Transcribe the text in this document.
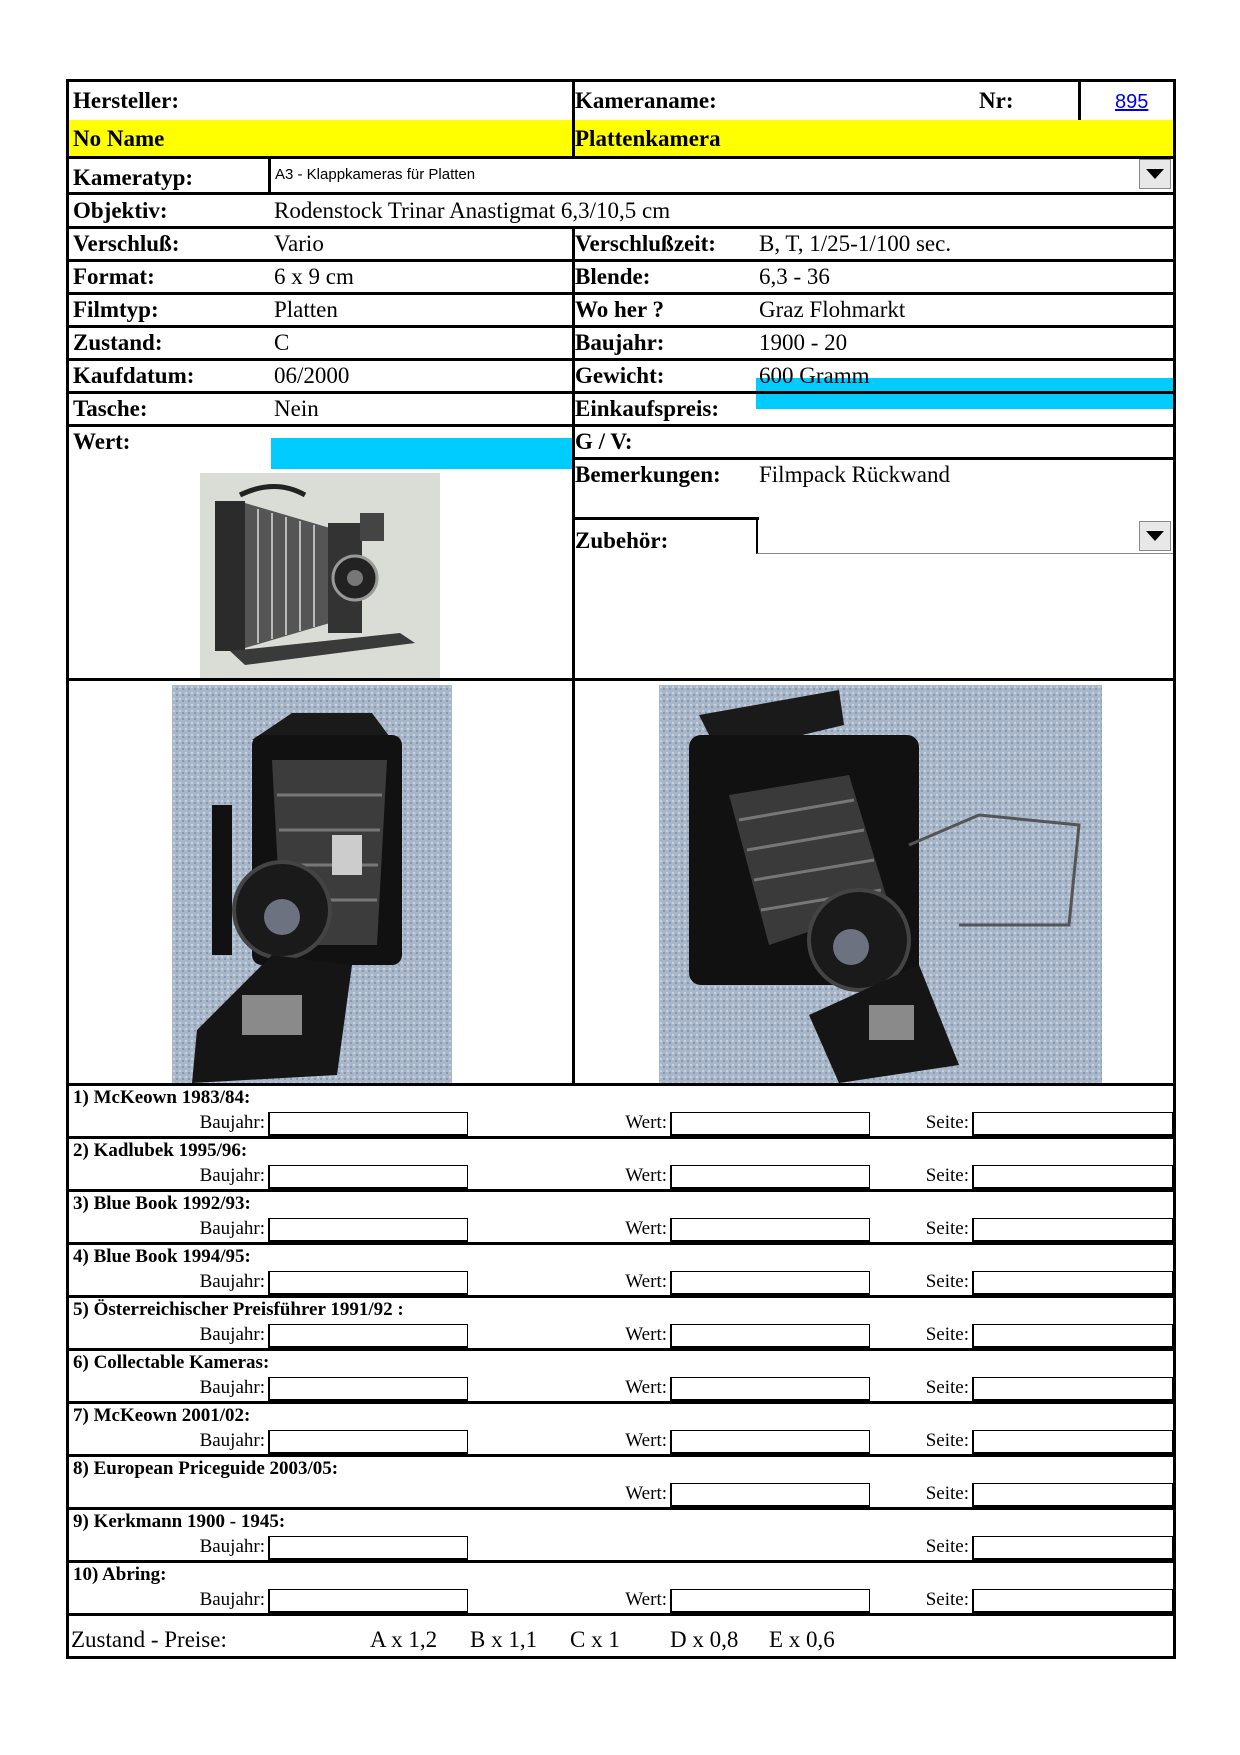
Hersteller:	Kameraname:	Nr:	895
No Name	Plattenkamera
Kameratyp:	A3 - Klappkameras für Platten
Objektiv:	Rodenstock Trinar Anastigmat 6,3/10,5 cm
Verschluß:	Vario	Verschlußzeit: B, T, 1/25-1/100 sec.
Format:	6 x 9 cm	Blende:	6,3 - 36
Filmtyp:	Platten	Wo her ?	Graz Flohmarkt
Zustand:	C	Baujahr:	1900 - 20
Kaufdatum:	06/2000	Gewicht:	600 Gramm
Tasche:	Nein	Einkaufspreis:
Wert:	G / V:
Bemerkungen: Filmpack Rückwand
Zubehör:
1) McKeown 1983/84:
Baujahr:	Wert:	Seite:
2) Kadlubek 1995/96:
Baujahr:	Wert:	Seite:
3) Blue Book 1992/93:
Baujahr:	Wert:	Seite:
4) Blue Book 1994/95:
Baujahr:	Wert:	Seite:
5) Österreichischer Preisführer 1991/92 :
Baujahr:	Wert:	Seite:
6) Collectable Kameras:
Baujahr:	Wert:	Seite:
7) McKeown 2001/02:
Baujahr:	Wert:	Seite:
8) European Priceguide 2003/05:
Wert:	Seite:
9) Kerkmann 1900 - 1945:
Baujahr:	Seite:
10) Abring:
Baujahr:	Wert:	Seite:
Zustand - Preise:	A x 1,2 B x 1,1 C x 1 D x 0,8 E x 0,6
